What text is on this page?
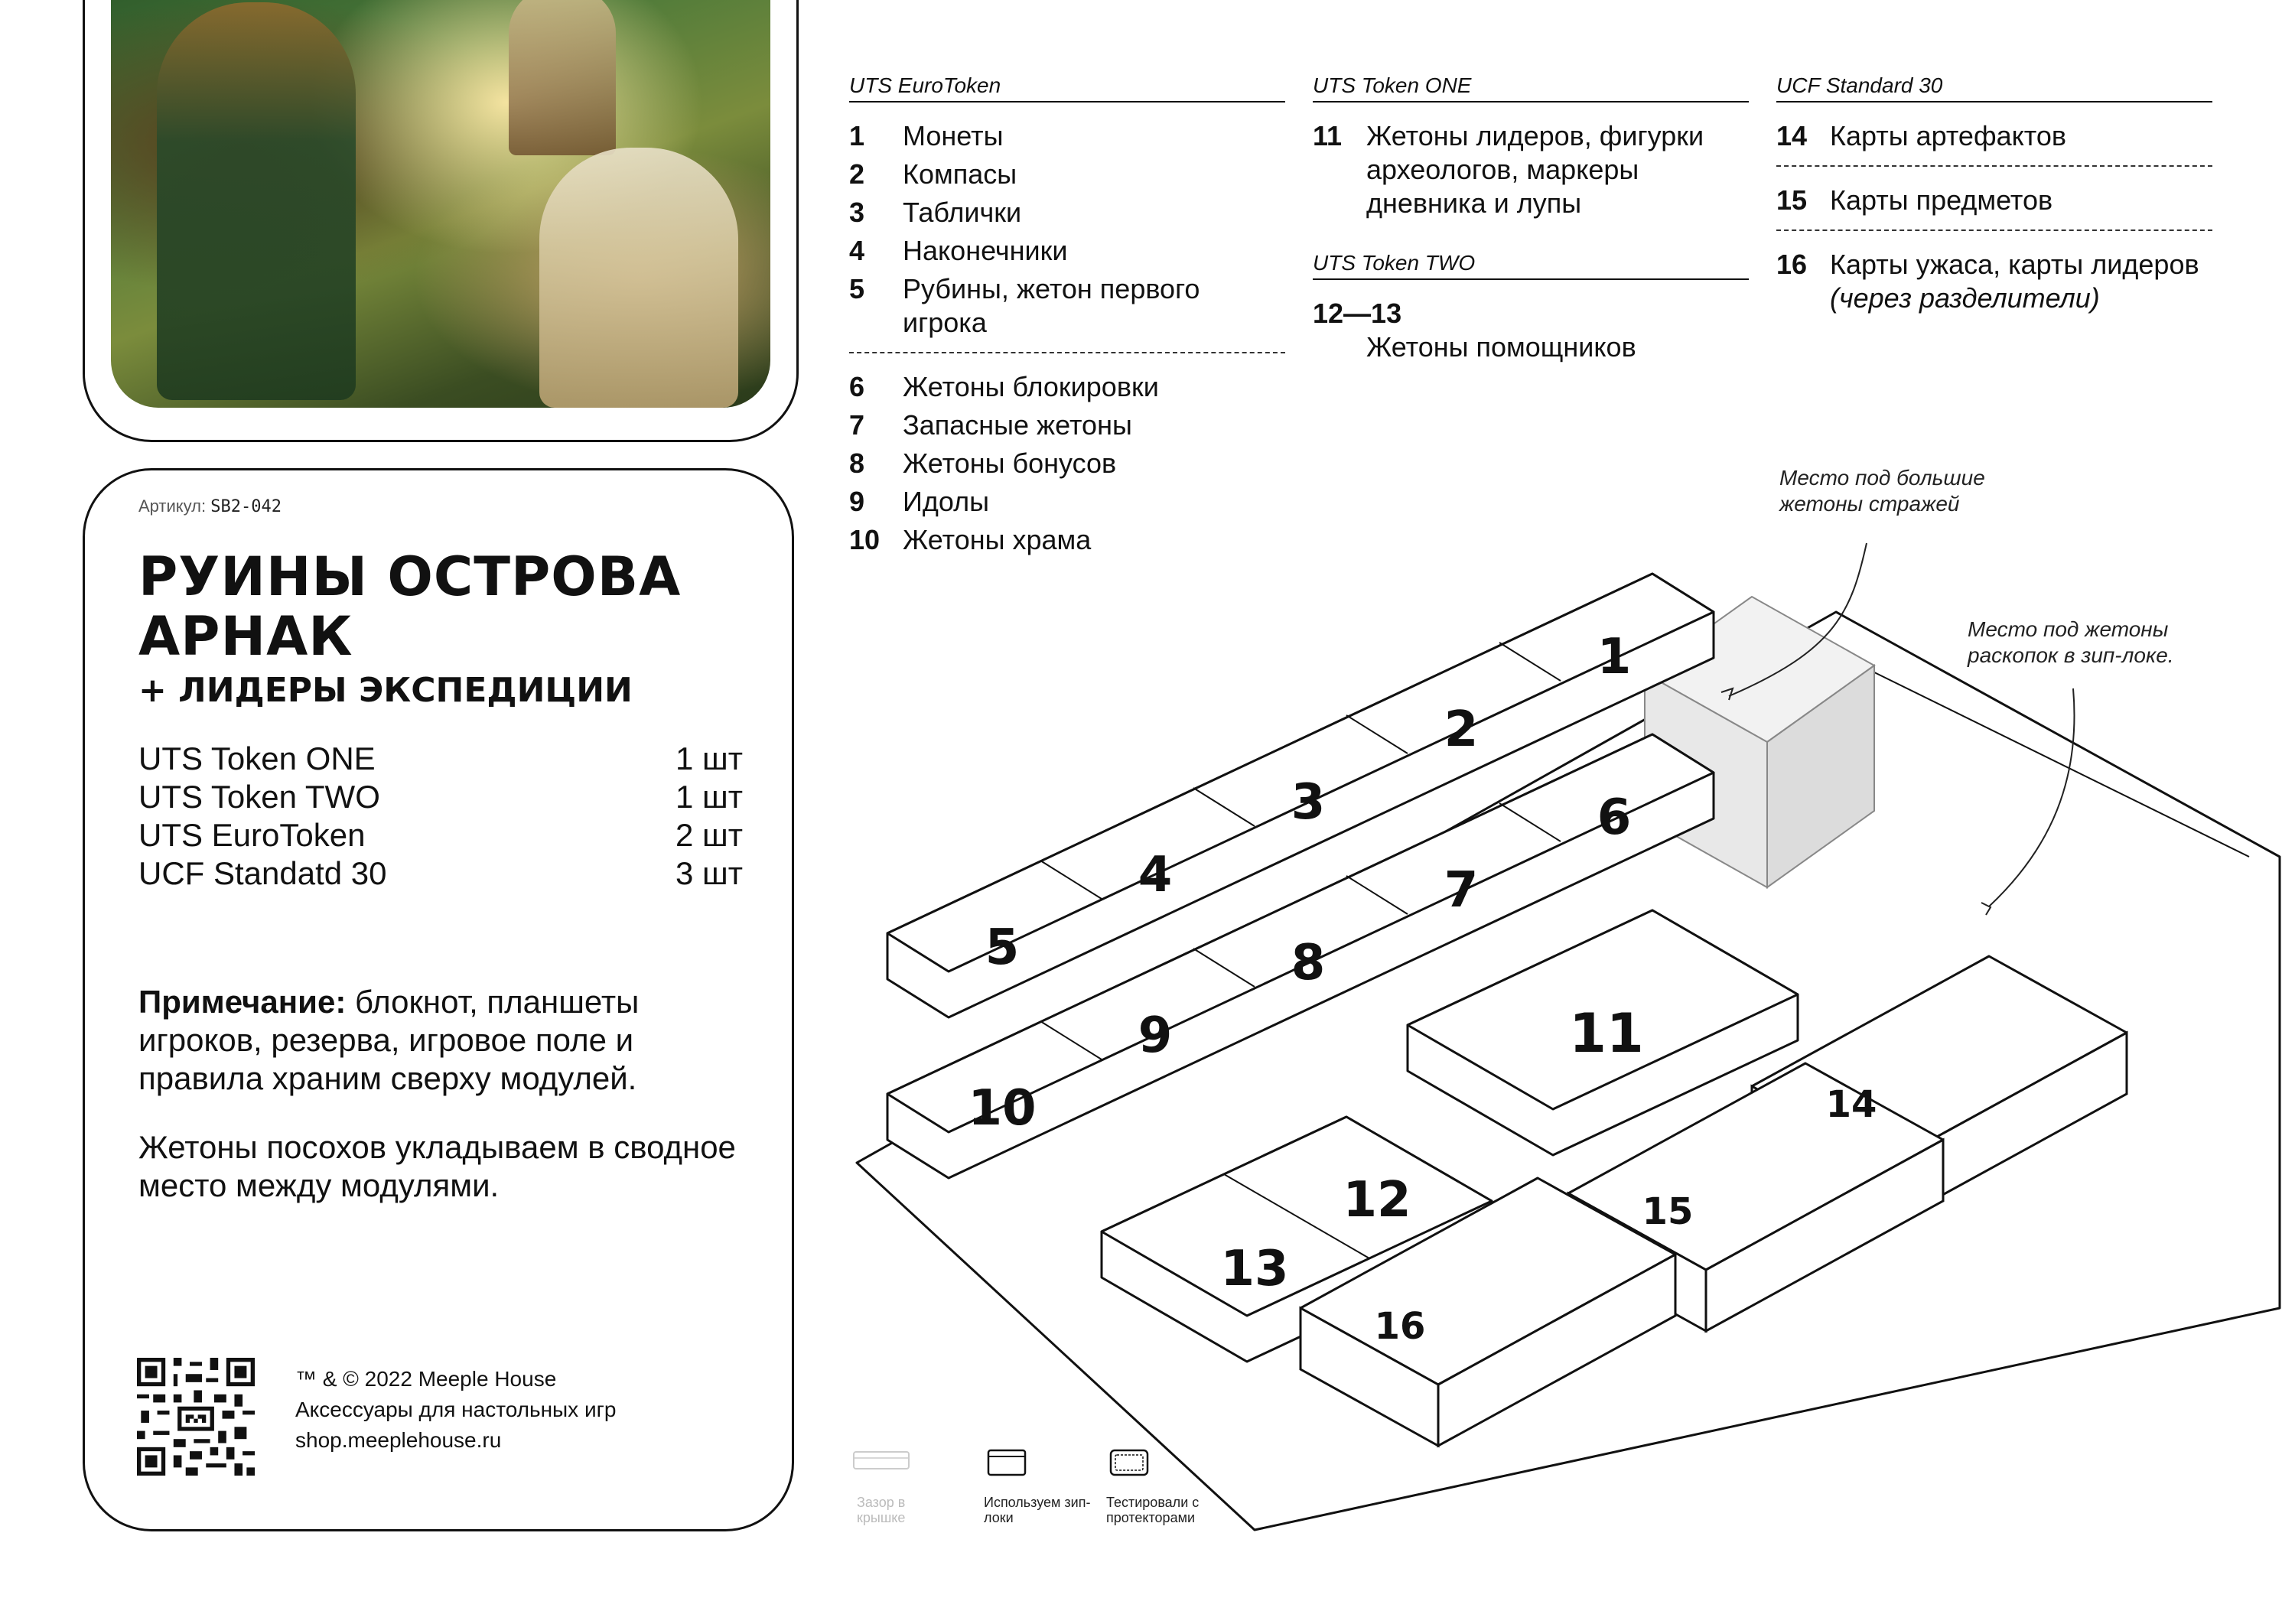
Артикул: SB2-042
РУИНЫ ОСТРОВА АРНАК
+ ЛИДЕРЫ ЭКСПЕДИЦИИ
UTS Token ONE	1 шт
UTS Token TWO	1 шт
UTS EuroToken	2 шт
UCF Standatd 30	3 шт

Примечание: блокнот, планшеты игроков, резерва, игровое поле и правила храним сверху модулей.

Жетоны посохов укладываем в сводное место между модулями.

™ & © 2022 Meeple House
Аксессуары для настольных игр
shop.meeplehouse.ru
UTS EuroToken
1	Монеты
2	Компасы
3	Таблички
4	Наконечники
5	Рубины, жетон первого игрока
6	Жетоны блокировки
7	Запасные жетоны
8	Жетоны бонусов
9	Идолы
10 Жетоны храма
UTS Token ONE
11 Жетоны лидеров, фигурки археологов, маркеры дневника и лупы
UTS Token TWO
12—13
Жетоны помощников
UCF Standard 30
14 Карты артефактов
15 Карты предметов
16 Карты ужаса, карты лидеров
(через разделители)
Место под большие жетоны стражей
Место под жетоны раскопок в зип-локе.
1
2
3
4
5
6
7
8
9
10
11
12
13
14
15
16
Зазор в крышке
Используем зип-локи
Тестировали с протекторами
